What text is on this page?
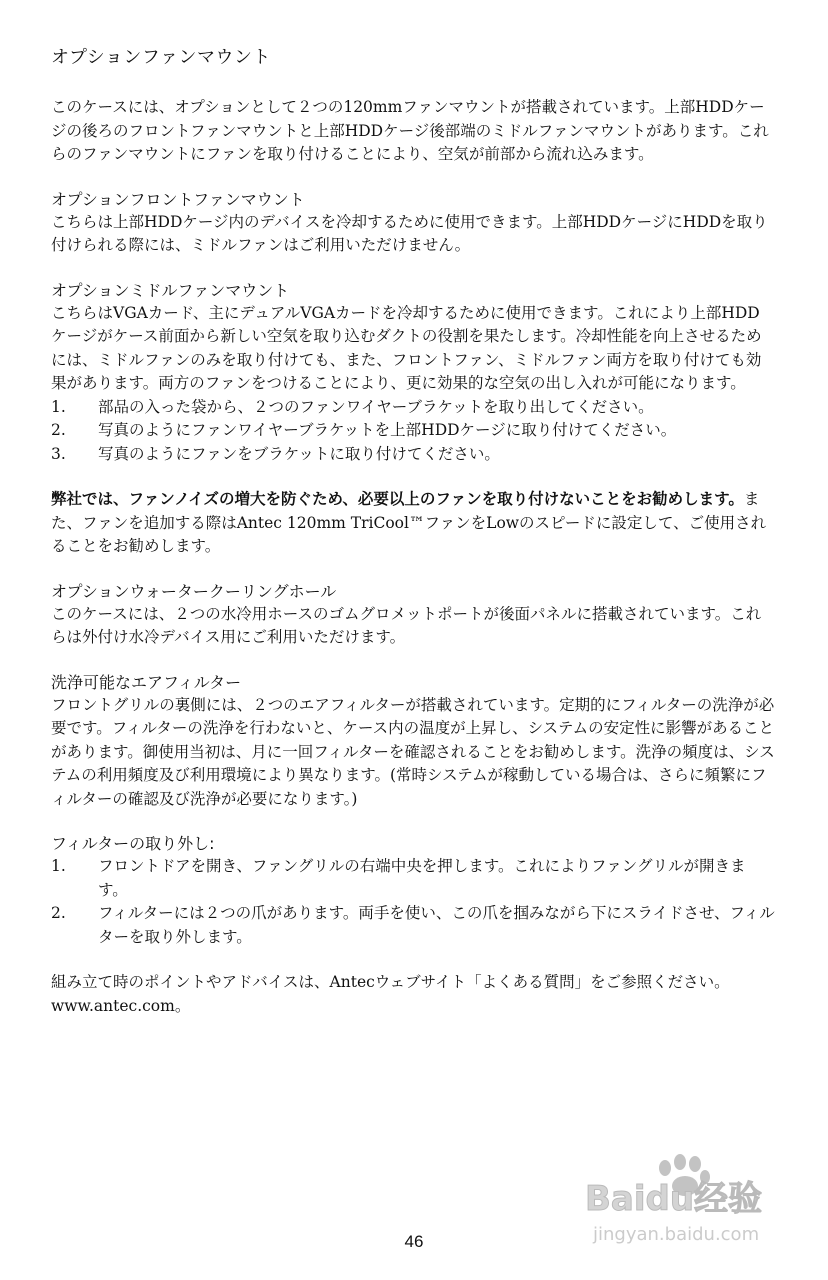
オプションファンマウント

このケースには、オプションとして２つの120mmファンマウントが搭載されています。上部HDDケージの後ろのフロントファンマウントと上部HDDケージ後部端のミドルファンマウントがあります。これらのファンマウントにファンを取り付けることにより、空気が前部から流れ込みます。

オプションフロントファンマウント

こちらは上部HDDケージ内のデバイスを冷却するために使用できます。上部HDDケージにHDDを取り付けられる際には、ミドルファンはご利用いただけません。

オプションミドルファンマウント

こちらはVGAカード、主にデュアルVGAカードを冷却するために使用できます。これにより上部HDDケージがケース前面から新しい空気を取り込むダクトの役割を果たします。冷却性能を向上させるためには、ミドルファンのみを取り付けても、また、フロントファン、ミドルファン両方を取り付けても効果があります。両方のファンをつけることにより、更に効果的な空気の出し入れが可能になります。

1.	部品の入った袋から、２つのファンワイヤーブラケットを取り出してください。
2.	写真のようにファンワイヤーブラケットを上部HDDケージに取り付けてください。
3.	写真のようにファンをブラケットに取り付けてください。

弊社では、ファンノイズの増大を防ぐため、必要以上のファンを取り付けないことをお勧めします。また、ファンを追加する際はAntec 120mm TriCool™ファンをLowのスピードに設定して、ご使用されることをお勧めします。

オプションウォータークーリングホール

このケースには、２つの水冷用ホースのゴムグロメットポートが後面パネルに搭載されています。これらは外付け水冷デバイス用にご利用いただけます。

洗浄可能なエアフィルター

フロントグリルの裏側には、２つのエアフィルターが搭載されています。定期的にフィルターの洗浄が必要です。フィルターの洗浄を行わないと、ケース内の温度が上昇し、システムの安定性に影響があることがあります。御使用当初は、月に一回フィルターを確認されることをお勧めします。洗浄の頻度は、システムの利用頻度及び利用環境により異なります。(常時システムが稼動している場合は、さらに頻繁にフィルターの確認及び洗浄が必要になります。)

フィルターの取り外し:
1.	フロントドアを開き、ファングリルの右端中央を押します。これによりファングリルが開きます。
2.	フィルターには２つの爪があります。両手を使い、この爪を掴みながら下にスライドさせ、フィルターを取り外します。

組み立て時のポイントやアドバイスは、Antecウェブサイト「よくある質問」をご参照ください。www.antec.com。

Baidu经验
jingyan.baidu.com
46
